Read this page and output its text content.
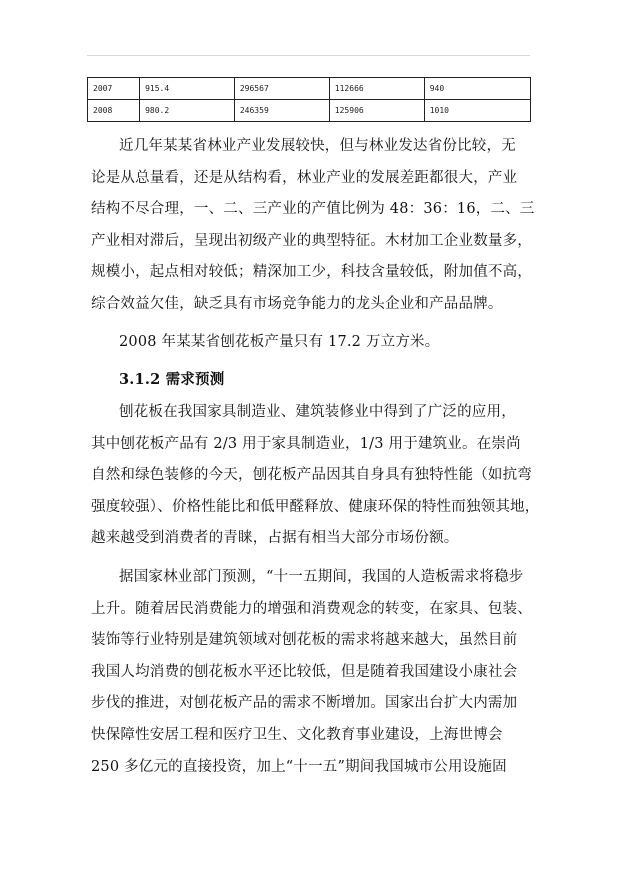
2007	915.4	296567	112666	940
2008	980.2	246359	125906	1010
近几年某某省林业产业发展较快，但与林业发达省份比较，无
论是从总量看，还是从结构看，林业产业的发展差距都很大，产业
结构不尽合理，一、二、三产业的产值比例为 48：36：16，二、三
产业相对滞后，呈现出初级产业的典型特征。木材加工企业数量多，
规模小，起点相对较低；精深加工少，科技含量较低，附加值不高，
综合效益欠佳，缺乏具有市场竞争能力的龙头企业和产品品牌。
2008 年某某省刨花板产量只有 17.2 万立方米。
3.1.2 需求预测
刨花板在我国家具制造业、建筑装修业中得到了广泛的应用，
其中刨花板产品有 2/3 用于家具制造业，1/3 用于建筑业。在崇尚
自然和绿色装修的今天，刨花板产品因其自身具有独特性能（如抗弯
强度较强）、价格性能比和低甲醛释放、健康环保的特性而独领其地，
越来越受到消费者的青睐，占据有相当大部分市场份额。
据国家林业部门预测，“十一五期间，我国的人造板需求将稳步
上升。随着居民消费能力的增强和消费观念的转变，在家具、包装、
装饰等行业特别是建筑领域对刨花板的需求将越来越大，虽然目前
我国人均消费的刨花板水平还比较低，但是随着我国建设小康社会
步伐的推进，对刨花板产品的需求不断增加。国家出台扩大内需加
快保障性安居工程和医疗卫生、文化教育事业建设，上海世博会
250 多亿元的直接投资，加上“十一五”期间我国城市公用设施固
